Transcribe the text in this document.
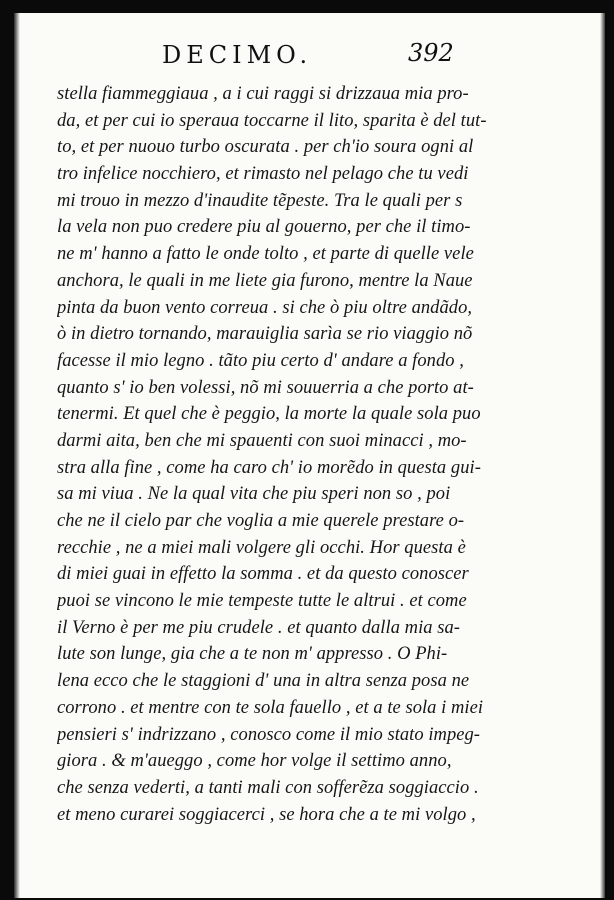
DECIMO.	392
stella fiammeggiaua , a i cui raggi si drizzaua mia pro-
da, et per cui io speraua toccarne il lito, sparita è del tut-
to, et per nuouo turbo oscurata . per ch'io soura ogni al
tro infelice nocchiero, et rimasto nel pelago che tu vedi
mi trouo in mezzo d'inaudite tẽpeste. Tra le quali per s
la vela non puo credere piu al gouerno, per che il timo-
ne m' hanno a fatto le onde tolto , et parte di quelle vele
anchora, le quali in me liete gia furono, mentre la Naue
pinta da buon vento correua . si che ò piu oltre andãdo,
ò in dietro tornando, marauiglia sarìa se rio viaggio nõ
facesse il mio legno . tãto piu certo d' andare a fondo ,
quanto s' io ben volessi, nõ mi souuerria a che porto at-
tenermi. Et quel che è peggio, la morte la quale sola puo
darmi aita, ben che mi spauenti con suoi minacci , mo-
stra alla fine , come ha caro ch' io morẽdo in questa gui-
sa mi viua . Ne la qual vita che piu speri non so , poi
che ne il cielo par che voglia a mie querele prestare o-
recchie , ne a miei mali volgere gli occhi. Hor questa è
di miei guai in effetto la somma . et da questo conoscer
puoi se vincono le mie tempeste tutte le altrui . et come
il Verno è per me piu crudele . et quanto dalla mia sa-
lute son lunge, gia che a te non m' appresso . O Phi-
lena ecco che le staggioni d' una in altra senza posa ne
corrono . et mentre con te sola fauello , et a te sola i miei
pensieri s' indrizzano , conosco come il mio stato impeg-
giora . & m'aueggo , come hor volge il settimo anno,
che senza vederti, a tanti mali con sofferẽza soggiaccio .
et meno curarei soggiacerci , se hora che a te mi volgo ,
